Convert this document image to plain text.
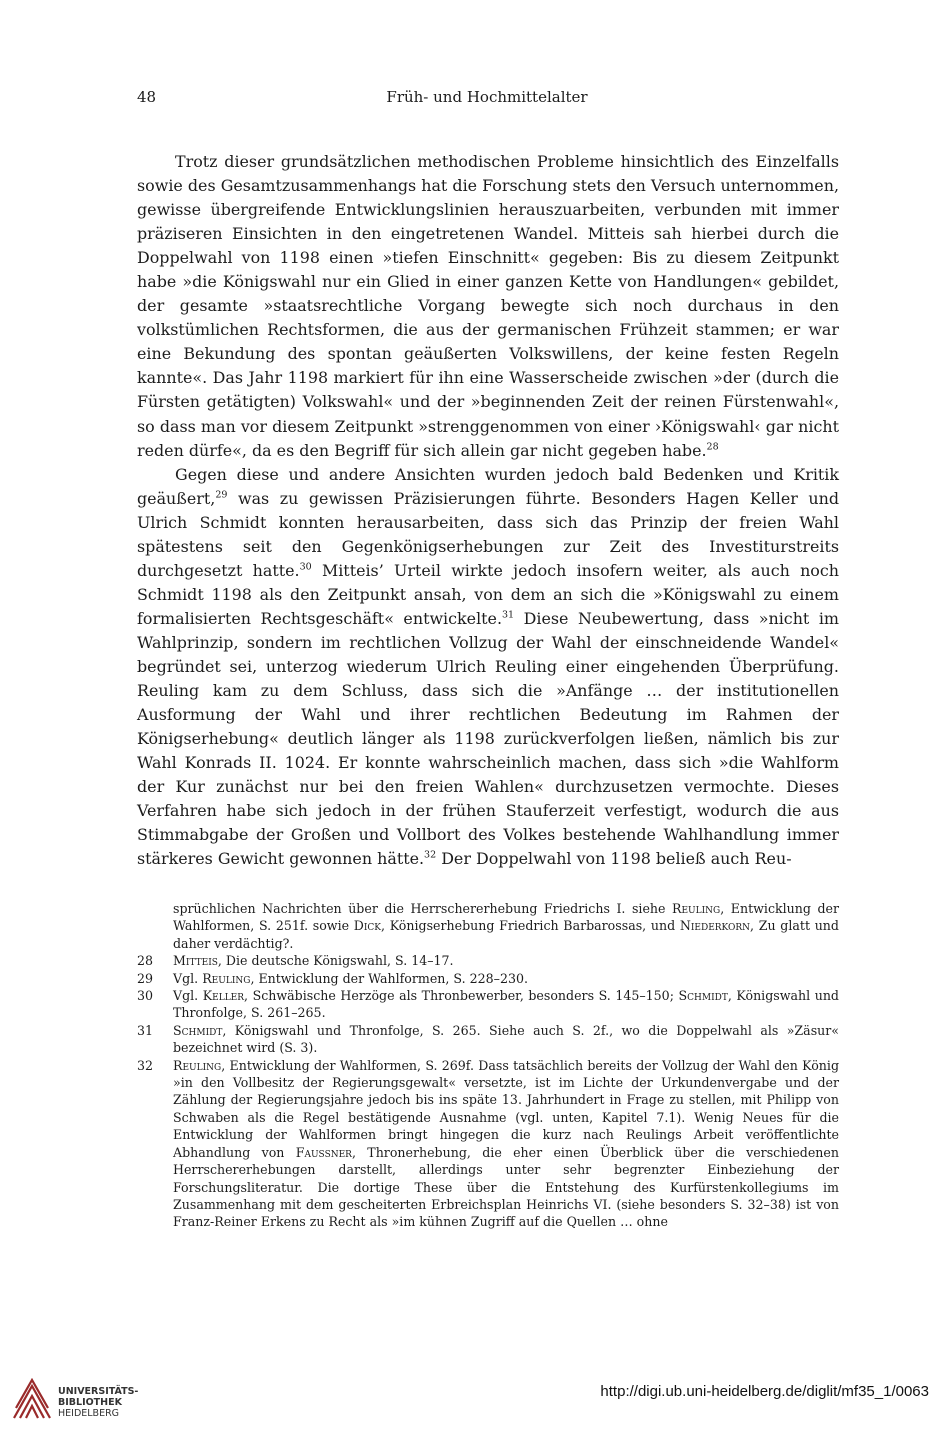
48	Früh- und Hochmittelalter

Trotz dieser grundsätzlichen methodischen Probleme hinsichtlich des Einzelfalls sowie des Gesamtzusammenhangs hat die Forschung stets den Versuch unternommen, gewisse übergreifende Entwicklungslinien herauszuarbeiten, verbunden mit immer präziseren Einsichten in den eingetretenen Wandel. Mitteis sah hierbei durch die Doppelwahl von 1198 einen »tiefen Einschnitt« gegeben: Bis zu diesem Zeitpunkt habe »die Königswahl nur ein Glied in einer ganzen Kette von Handlungen« gebildet, der gesamte »staatsrechtliche Vorgang bewegte sich noch durchaus in den volkstümlichen Rechtsformen, die aus der germanischen Frühzeit stammen; er war eine Bekundung des spontan geäußerten Volkswillens, der keine festen Regeln kannte«. Das Jahr 1198 markiert für ihn eine Wasserscheide zwischen »der (durch die Fürsten getätigten) Volkswahl« und der »beginnenden Zeit der reinen Fürstenwahl«, so dass man vor diesem Zeitpunkt »strenggenommen von einer ›Königswahl‹ gar nicht reden dürfe«, da es den Begriff für sich allein gar nicht gegeben habe.$^{28}$

Gegen diese und andere Ansichten wurden jedoch bald Bedenken und Kritik geäußert,$^{29}$ was zu gewissen Präzisierungen führte. Besonders Hagen Keller und Ulrich Schmidt konnten herausarbeiten, dass sich das Prinzip der freien Wahl spätestens seit den Gegenkönigserhebungen zur Zeit des Investiturstreits durchgesetzt hatte.$^{30}$ Mitteis’ Urteil wirkte jedoch insofern weiter, als auch noch Schmidt 1198 als den Zeitpunkt ansah, von dem an sich die »Königswahl zu einem formalisierten Rechtsgeschäft« entwickelte.$^{31}$ Diese Neubewertung, dass »nicht im Wahlprinzip, sondern im rechtlichen Vollzug der Wahl der einschneidende Wandel« begründet sei, unterzog wiederum Ulrich Reuling einer eingehenden Überprüfung. Reuling kam zu dem Schluss, dass sich die »Anfänge … der institutionellen Ausformung der Wahl und ihrer rechtlichen Bedeutung im Rahmen der Königserhebung« deutlich länger als 1198 zurückverfolgen ließen, nämlich bis zur Wahl Konrads II. 1024. Er konnte wahrscheinlich machen, dass sich »die Wahlform der Kur zunächst nur bei den freien Wahlen« durchzusetzen vermochte. Dieses Verfahren habe sich jedoch in der frühen Stauferzeit verfestigt, wodurch die aus Stimmabgabe der Großen und Vollbort des Volkes bestehende Wahlhandlung immer stärkeres Gewicht gewonnen hätte.$^{32}$ Der Doppelwahl von 1198 beließ auch Reu-

sprüchlichen Nachrichten über die Herrschererhebung Friedrichs I. siehe Reuling, Entwicklung der Wahlformen, S. 251f. sowie Dick, Königserhebung Friedrich Barbarossas, und Niederkorn, Zu glatt und daher verdächtig?.
28	Mitteis, Die deutsche Königswahl, S. 14–17.
29	Vgl. Reuling, Entwicklung der Wahlformen, S. 228–230.
30	Vgl. Keller, Schwäbische Herzöge als Thronbewerber, besonders S. 145–150; Schmidt, Königswahl und Thronfolge, S. 261–265.
31	Schmidt, Königswahl und Thronfolge, S. 265. Siehe auch S. 2f., wo die Doppelwahl als »Zäsur« bezeichnet wird (S. 3).
32	Reuling, Entwicklung der Wahlformen, S. 269f. Dass tatsächlich bereits der Vollzug der Wahl den König »in den Vollbesitz der Regierungsgewalt« versetzte, ist im Lichte der Urkundenvergabe und der Zählung der Regierungsjahre jedoch bis ins späte 13. Jahrhundert in Frage zu stellen, mit Philipp von Schwaben als die Regel bestätigende Ausnahme (vgl. unten, Kapitel 7.1). Wenig Neues für die Entwicklung der Wahlformen bringt hingegen die kurz nach Reulings Arbeit veröffentlichte Abhandlung von Faussner, Thronerhebung, die eher einen Überblick über die verschiedenen Herrschererhebungen darstellt, allerdings unter sehr begrenzter Einbeziehung der Forschungsliteratur. Die dortige These über die Entstehung des Kurfürstenkollegiums im Zusammenhang mit dem gescheiterten Erbreichsplan Heinrichs VI. (siehe besonders S. 32–38) ist von Franz-Reiner Erkens zu Recht als »im kühnen Zugriff auf die Quellen … ohne
UNIVERSITÄTS-
BIBLIOTHEK
HEIDELBERG
http://digi.ub.uni-heidelberg.de/diglit/mf35_1/0063
